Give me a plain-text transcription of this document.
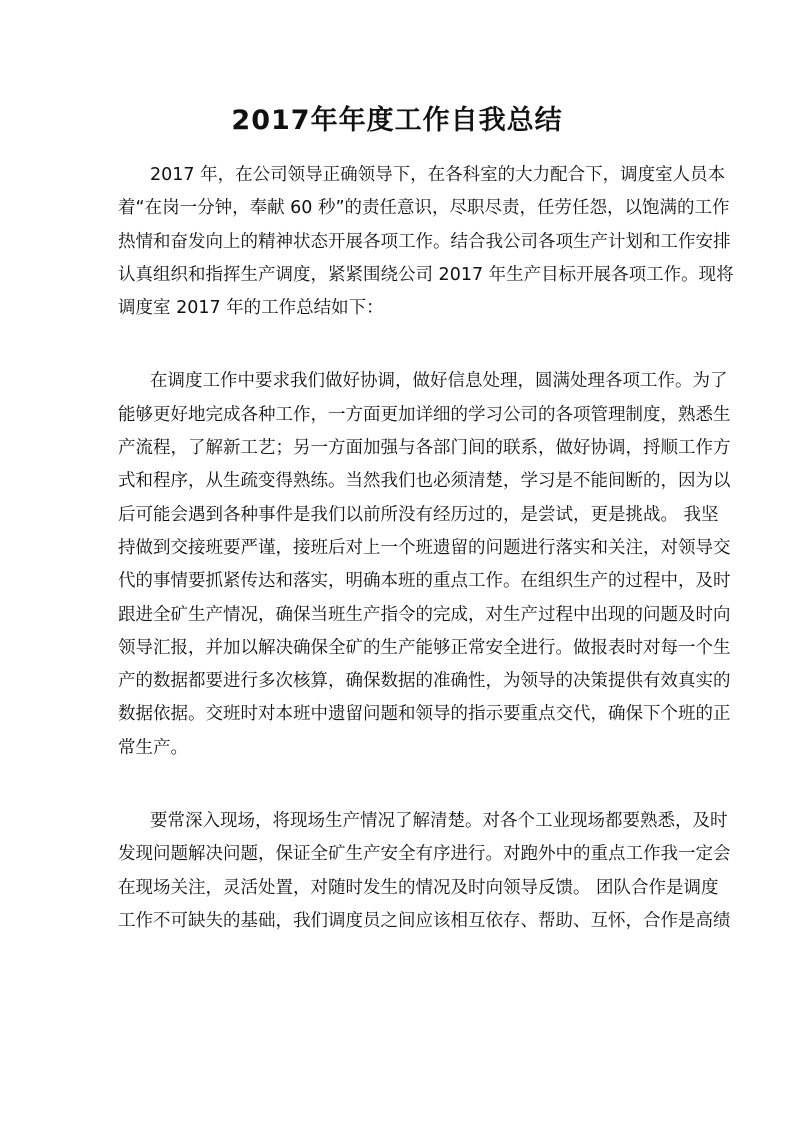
2017年年度工作自我总结
2017 年，在公司领导正确领导下，在各科室的大力配合下，调度室人员本
着“在岗一分钟，奉献 60 秒”的责任意识，尽职尽责，任劳任怨，以饱满的工作
热情和奋发向上的精神状态开展各项工作。结合我公司各项生产计划和工作安排
认真组织和指挥生产调度，紧紧围绕公司 2017 年生产目标开展各项工作。现将
调度室 2017 年的工作总结如下：
在调度工作中要求我们做好协调，做好信息处理，圆满处理各项工作。为了
能够更好地完成各种工作，一方面更加详细的学习公司的各项管理制度，熟悉生
产流程，了解新工艺；另一方面加强与各部门间的联系，做好协调，捋顺工作方
式和程序，从生疏变得熟练。当然我们也必须清楚，学习是不能间断的，因为以
后可能会遇到各种事件是我们以前所没有经历过的，是尝试，更是挑战。 我坚
持做到交接班要严谨，接班后对上一个班遗留的问题进行落实和关注，对领导交
代的事情要抓紧传达和落实，明确本班的重点工作。在组织生产的过程中，及时
跟进全矿生产情况，确保当班生产指令的完成，对生产过程中出现的问题及时向
领导汇报，并加以解决确保全矿的生产能够正常安全进行。做报表时对每一个生
产的数据都要进行多次核算，确保数据的准确性，为领导的决策提供有效真实的
数据依据。交班时对本班中遗留问题和领导的指示要重点交代，确保下个班的正
常生产。
要常深入现场，将现场生产情况了解清楚。对各个工业现场都要熟悉，及时
发现问题解决问题，保证全矿生产安全有序进行。对跑外中的重点工作我一定会
在现场关注，灵活处置，对随时发生的情况及时向领导反馈。 团队合作是调度
工作不可缺失的基础，我们调度员之间应该相互依存、帮助、互怀，合作是高绩
